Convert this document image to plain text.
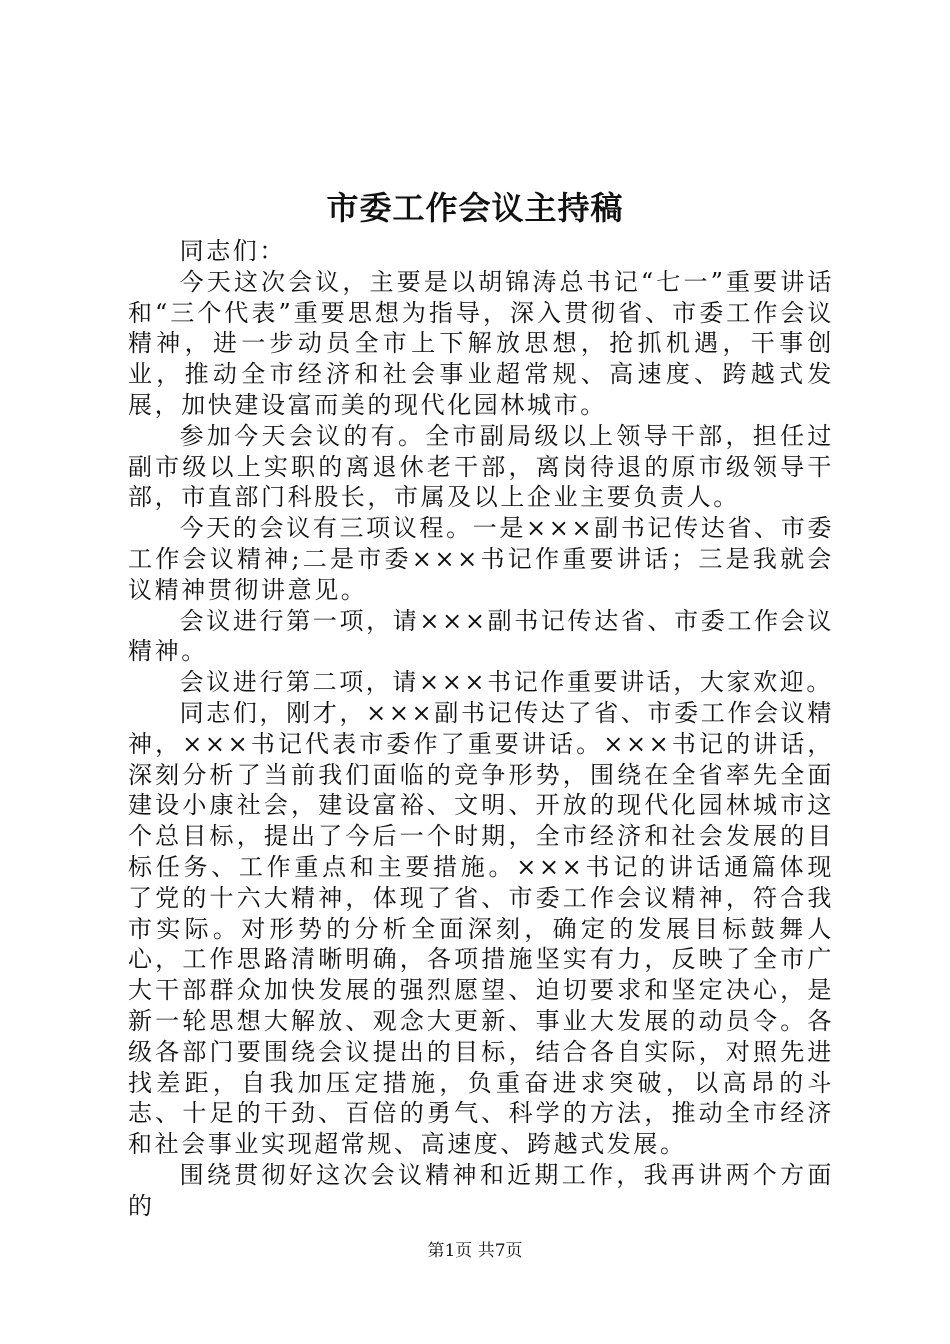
市委工作会议主持稿

同志们：

今天这次会议，主要是以胡锦涛总书记“七一”重要讲话和“三个代表”重要思想为指导，深入贯彻省、市委工作会议精神，进一步动员全市上下解放思想，抢抓机遇，干事创业，推动全市经济和社会事业超常规、高速度、跨越式发展，加快建设富而美的现代化园林城市。

参加今天会议的有。全市副局级以上领导干部，担任过副市级以上实职的离退休老干部，离岗待退的原市级领导干部，市直部门科股长，市属及以上企业主要负责人。

今天的会议有三项议程。一是×××副书记传达省、市委工作会议精神;二是市委×××书记作重要讲话；三是我就会议精神贯彻讲意见。

会议进行第一项，请×××副书记传达省、市委工作会议精神。

会议进行第二项，请×××书记作重要讲话，大家欢迎。

同志们，刚才，×××副书记传达了省、市委工作会议精神，×××书记代表市委作了重要讲话。×××书记的讲话，深刻分析了当前我们面临的竞争形势，围绕在全省率先全面建设小康社会，建设富裕、文明、开放的现代化园林城市这个总目标，提出了今后一个时期，全市经济和社会发展的目标任务、工作重点和主要措施。×××书记的讲话通篇体现了党的十六大精神，体现了省、市委工作会议精神，符合我市实际。对形势的分析全面深刻，确定的发展目标鼓舞人心，工作思路清晰明确，各项措施坚实有力，反映了全市广大干部群众加快发展的强烈愿望、迫切要求和坚定决心，是新一轮思想大解放、观念大更新、事业大发展的动员令。各级各部门要围绕会议提出的目标，结合各自实际，对照先进找差距，自我加压定措施，负重奋进求突破，以高昂的斗志、十足的干劲、百倍的勇气、科学的方法，推动全市经济和社会事业实现超常规、高速度、跨越式发展。

围绕贯彻好这次会议精神和近期工作，我再讲两个方面的

第1页 共7页
